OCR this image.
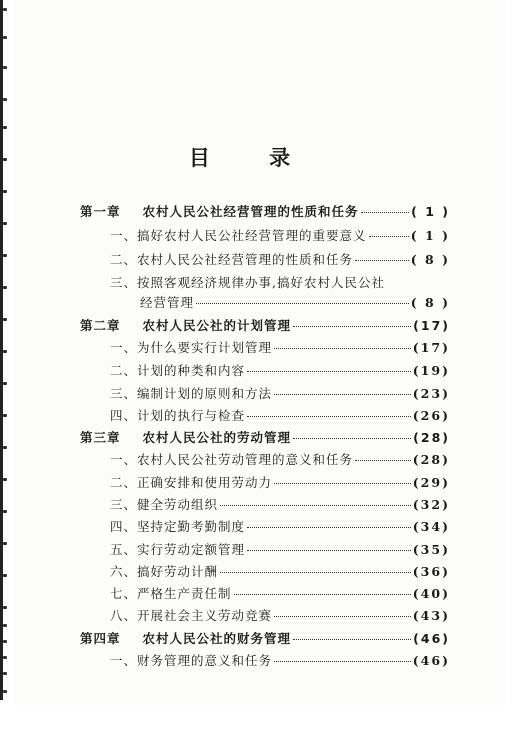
目 录
第一章 农村人民公社经营管理的性质和任务	( 1 )
一、 搞好农村人民公社经营管理的重要意义	( 1 )
二、 农村人民公社经营管理的性质和任务	( 8 )
三、 按照客观经济规律办事,搞好农村人民公社
经营管理	( 8 )
第二章 农村人民公社的计划管理	(17)
一、 为什么要实行计划管理	(17)
二、 计划的种类和内容	(19)
三、 编制计划的原则和方法	(23)
四、 计划的执行与检查	(26)
第三章 农村人民公社的劳动管理	(28)
一、 农村人民公社劳动管理的意义和任务	(28)
二、 正确安排和使用劳动力	(29)
三、 健全劳动组织	(32)
四、 坚持定勤考勤制度	(34)
五、 实行劳动定额管理	(35)
六、 搞好劳动计酬	(36)
七、 严格生产责任制	(40)
八、 开展社会主义劳动竞赛	(43)
第四章 农村人民公社的财务管理	(46)
一、 财务管理的意义和任务	(46)
